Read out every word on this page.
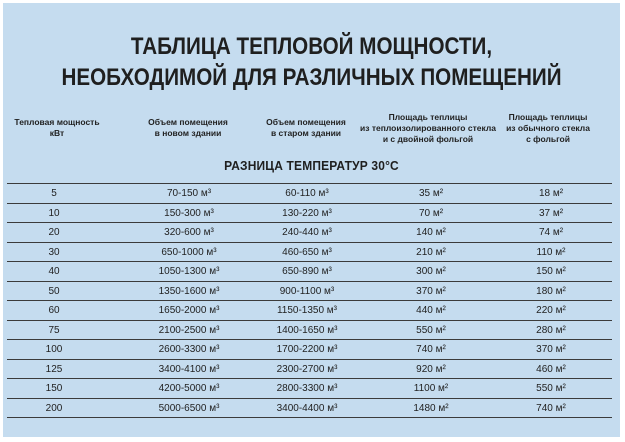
ТАБЛИЦА ТЕПЛОВОЙ МОЩНОСТИ,
НЕОБХОДИМОЙ ДЛЯ РАЗЛИЧНЫХ ПОМЕЩЕНИЙ
Тепловая мощность
кВт
Объем помещения
в новом здании
Объем помещения
в старом здании
Площадь теплицы
из теплоизолированного стекла
и с двойной фольгой
Площадь теплицы
из обычного стекла
с фольгой
РАЗНИЦА ТЕМПЕРАТУР 30°С
5	70-150 м³	60-110 м³	35 м²	18 м²
10	150-300 м³	130-220 м³	70 м²	37 м²
20	320-600 м³	240-440 м³	140 м²	74 м²
30	650-1000 м³	460-650 м³	210 м²	110 м²
40	1050-1300 м³	650-890 м³	300 м²	150 м²
50	1350-1600 м³	900-1100 м³	370 м²	180 м²
60	1650-2000 м³	1150-1350 м³	440 м²	220 м²
75	2100-2500 м³	1400-1650 м³	550 м²	280 м²
100	2600-3300 м³	1700-2200 м³	740 м²	370 м²
125	3400-4100 м³	2300-2700 м³	920 м²	460 м²
150	4200-5000 м³	2800-3300 м³	1100 м²	550 м²
200	5000-6500 м³	3400-4400 м³	1480 м²	740 м²
